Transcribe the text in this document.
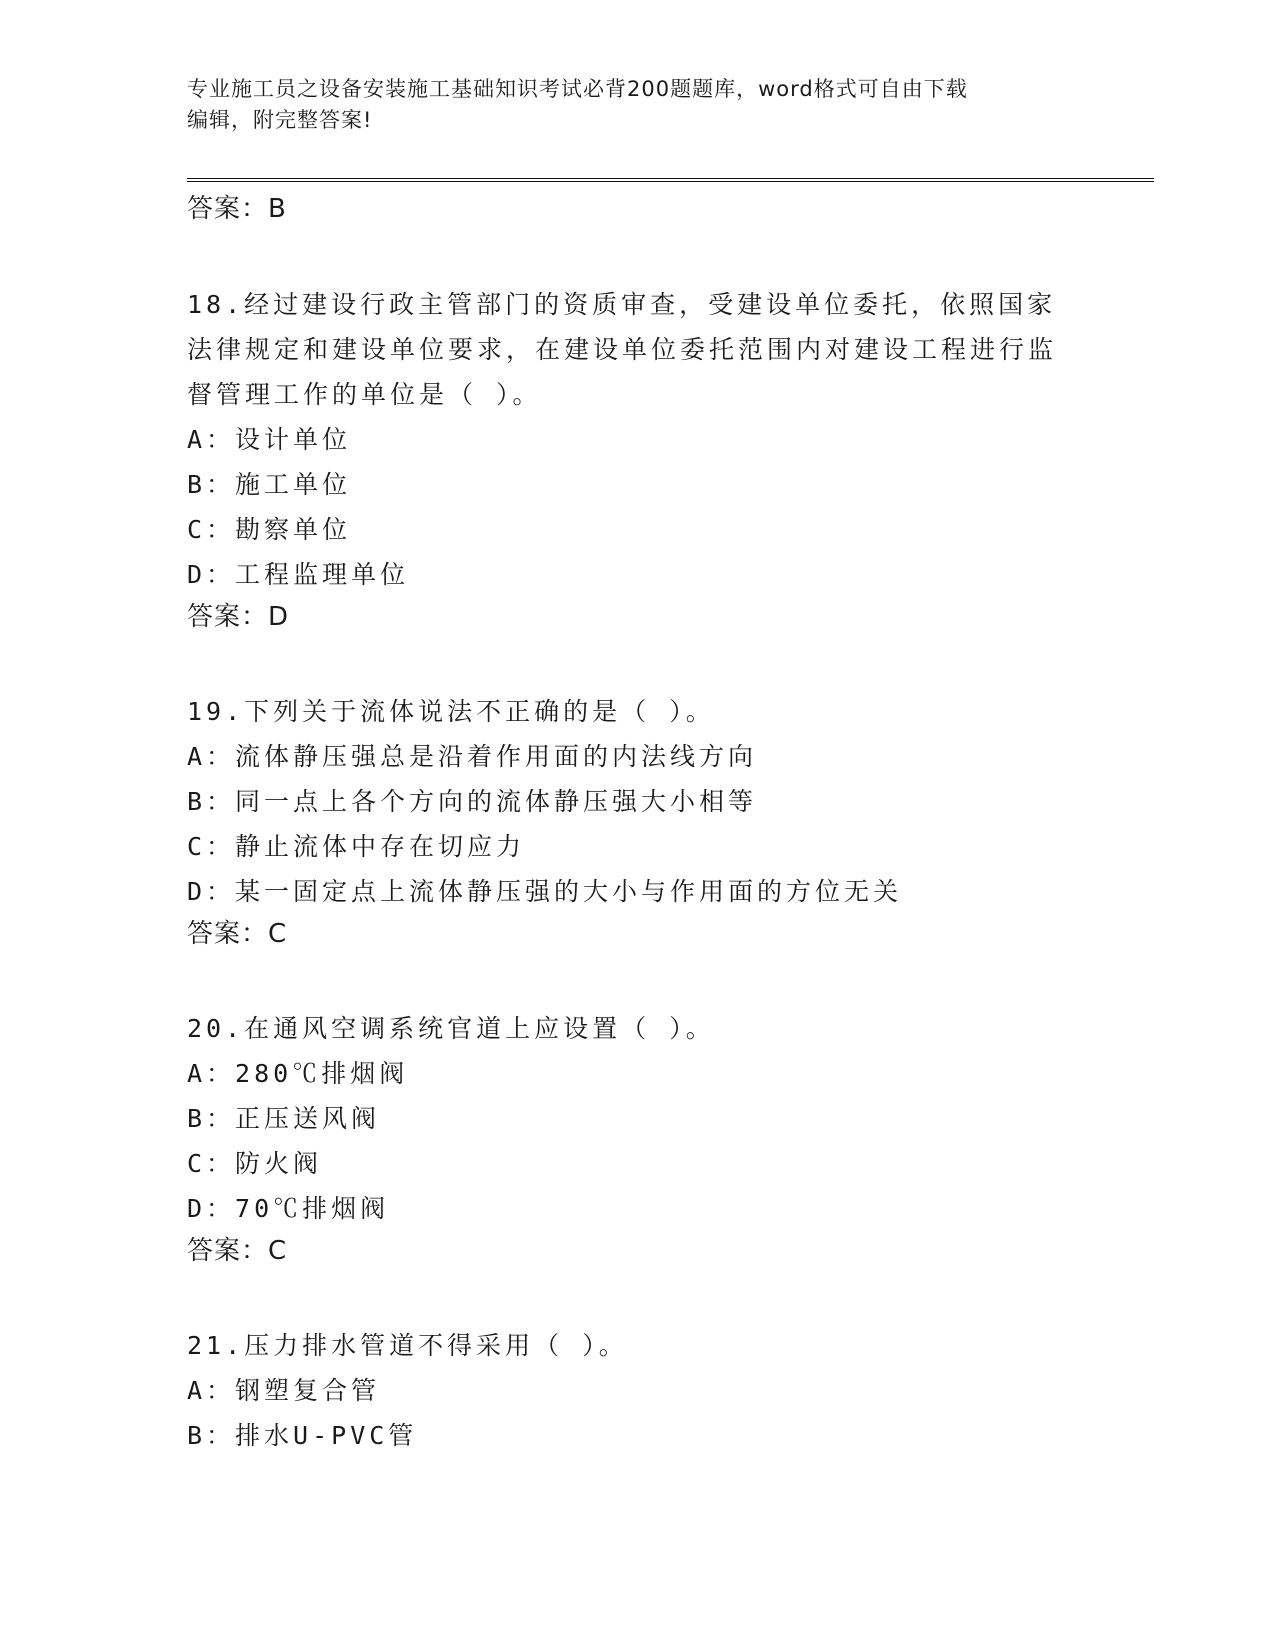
专业施工员之设备安装施工基础知识考试必背200题题库，word格式可自由下载
编辑，附完整答案!
答案：B
18.经过建设行政主管部门的资质审查，受建设单位委托，依照国家法律规定和建设单位要求，在建设单位委托范围内对建设工程进行监督管理工作的单位是（ ）。
A：设计单位
B：施工单位
C：勘察单位
D：工程监理单位
答案：D
19.下列关于流体说法不正确的是（ ）。
A：流体静压强总是沿着作用面的内法线方向
B：同一点上各个方向的流体静压强大小相等
C：静止流体中存在切应力
D：某一固定点上流体静压强的大小与作用面的方位无关
答案：C
20.在通风空调系统官道上应设置（ ）。
A：280℃排烟阀
B：正压送风阀
C：防火阀
D：70℃排烟阀
答案：C
21.压力排水管道不得采用（ ）。
A：钢塑复合管
B：排水U-PVC管
